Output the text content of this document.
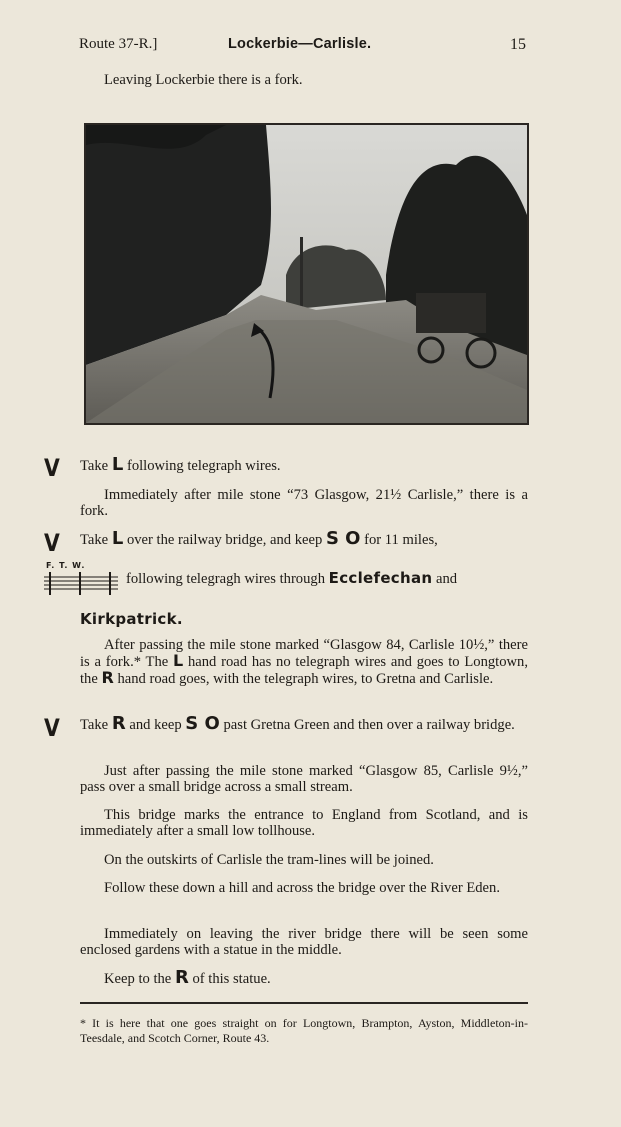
Route 37-R.]	Lockerbie—Carlisle.	15
Leaving Lockerbie there is a fork.
V Take L following telegraph wires.
Immediately after mile stone “73 Glasgow, 21½ Carlisle,” there is a fork.
V Take L over the railway bridge, and keep S O for 11 miles,
F. T. W.
following telegragh wires through Ecclefechan and
Kirkpatrick.
After passing the mile stone marked “Glasgow 84, Carlisle 10½,” there is a fork.* The L hand road has no telegraph wires and goes to Longtown, the R hand road goes, with the telegraph wires, to Gretna and Carlisle.
V Take R and keep S O past Gretna Green and then over a railway bridge.
Just after passing the mile stone marked “Glasgow 85, Carlisle 9½,” pass over a small bridge across a small stream.
This bridge marks the entrance to England from Scotland, and is immediately after a small low tollhouse.
On the outskirts of Carlisle the tram-lines will be joined.
Follow these down a hill and across the bridge over the River Eden.
Immediately on leaving the river bridge there will be seen some enclosed gardens with a statue in the middle.
Keep to the R of this statue.
* It is here that one goes straight on for Longtown, Brampton, Ayston, Middleton-in-Teesdale, and Scotch Corner, Route 43.
